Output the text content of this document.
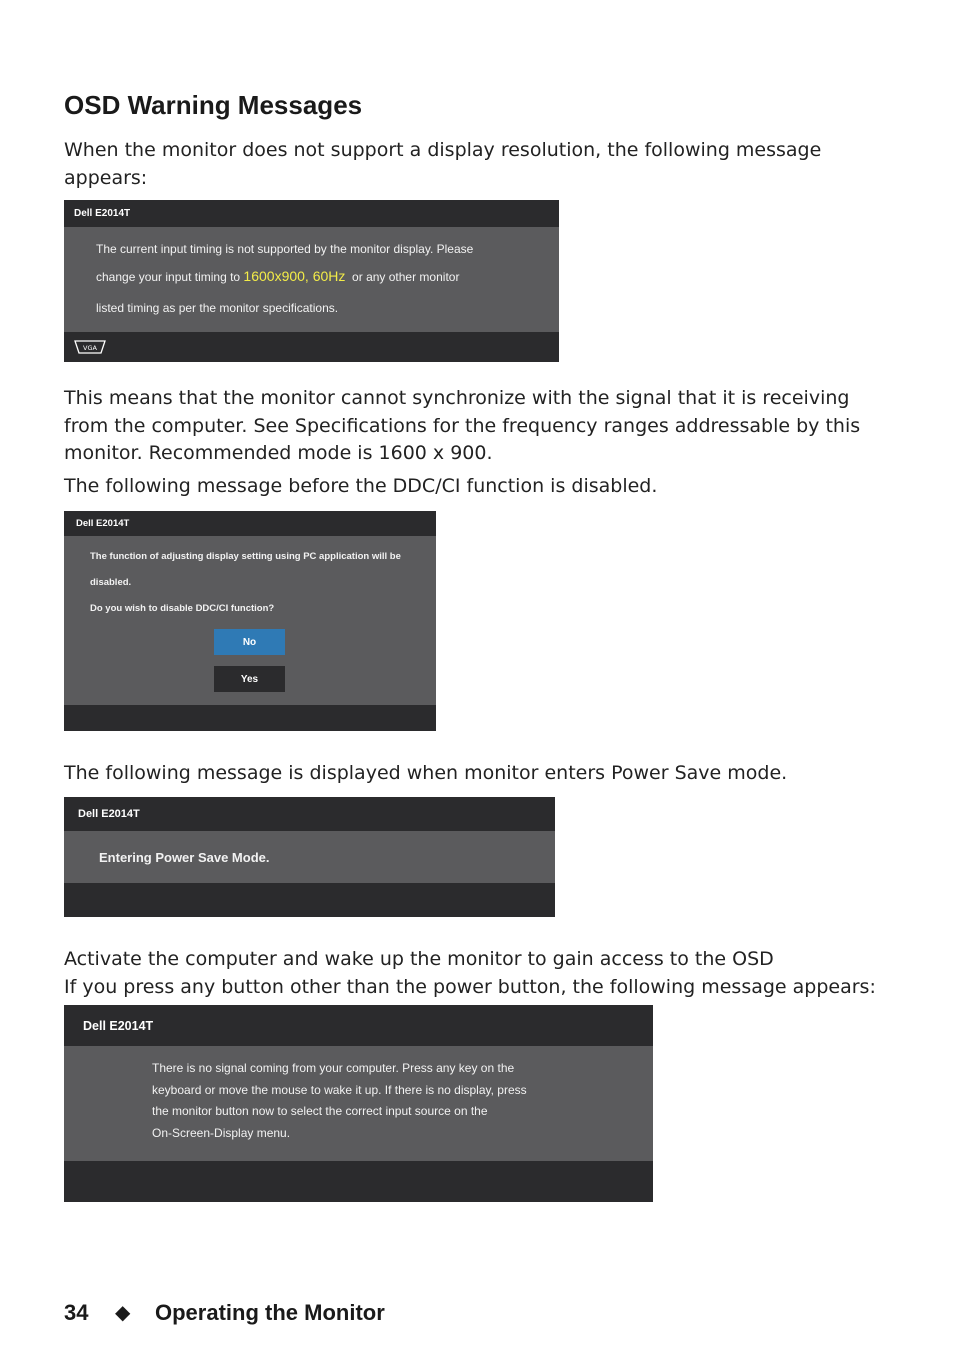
OSD Warning Messages

When the monitor does not support a display resolution, the following message appears:

Dell E2014T
The current input timing is not supported by the monitor display. Please
change your input timing to 1600x900, 60Hz  or any other monitor
listed timing as per the monitor specifications.
VGA

This means that the monitor cannot synchronize with the signal that it is receiving from the computer. See Specifications for the frequency ranges addressable by this monitor. Recommended mode is 1600 x 900.

The following message before the DDC/CI function is disabled.

Dell E2014T
The function of adjusting display setting using PC application will be
disabled.
Do you wish to disable DDC/CI function?
No
Yes

The following message is displayed when monitor enters Power Save mode.

Dell E2014T
Entering Power Save Mode.

Activate the computer and wake up the monitor to gain access to the OSD

If you press any button other than the power button, the following message appears:

Dell E2014T
There is no signal coming from your computer. Press any key on the
keyboard or move the mouse to wake it up. If there is no display, press
the monitor button now to select the correct input source on the
On-Screen-Display menu.
34 ◆ Operating the Monitor
